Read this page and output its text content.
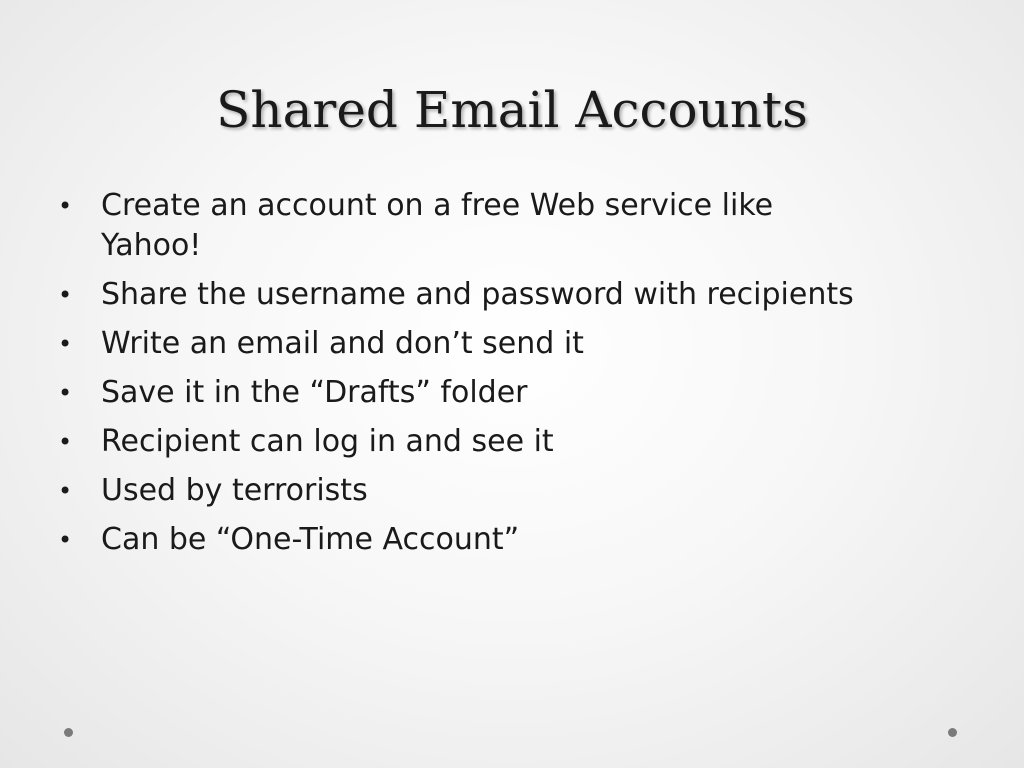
Shared Email Accounts
• Create an account on a free Web service like Yahoo!
• Share the username and password with recipients
• Write an email and don’t send it
• Save it in the “Drafts” folder
• Recipient can log in and see it
• Used by terrorists
• Can be “One-Time Account”
